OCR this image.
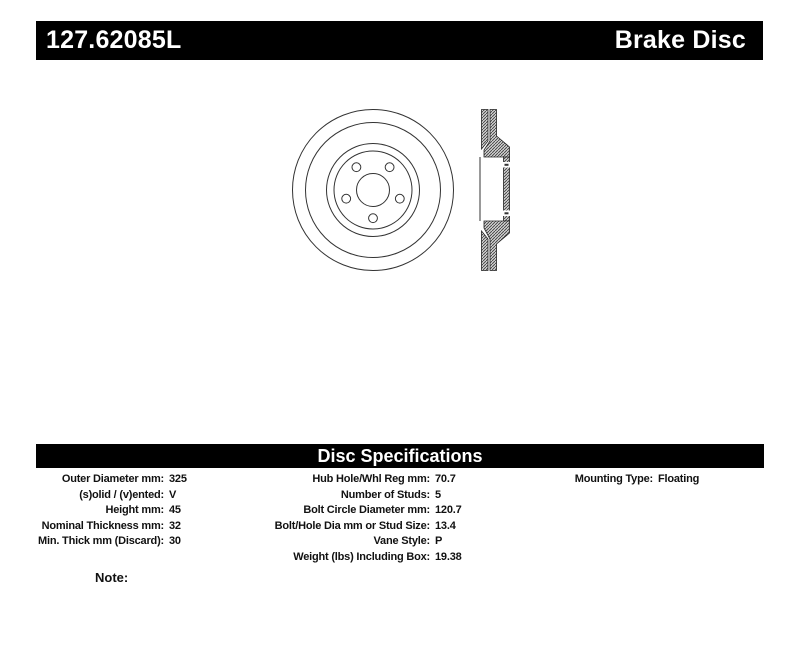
127.62085L	Brake Disc
Disc Specifications
Outer Diameter mm: 325
(s)olid / (v)ented: V
Height mm: 45
Nominal Thickness mm: 32
Min. Thick mm (Discard): 30
Hub Hole/Whl Reg mm: 70.7
Number of Studs: 5
Bolt Circle Diameter mm: 120.7
Bolt/Hole Dia mm or Stud Size: 13.4
Vane Style: P
Weight (lbs) Including Box: 19.38
Mounting Type: Floating
Note:
